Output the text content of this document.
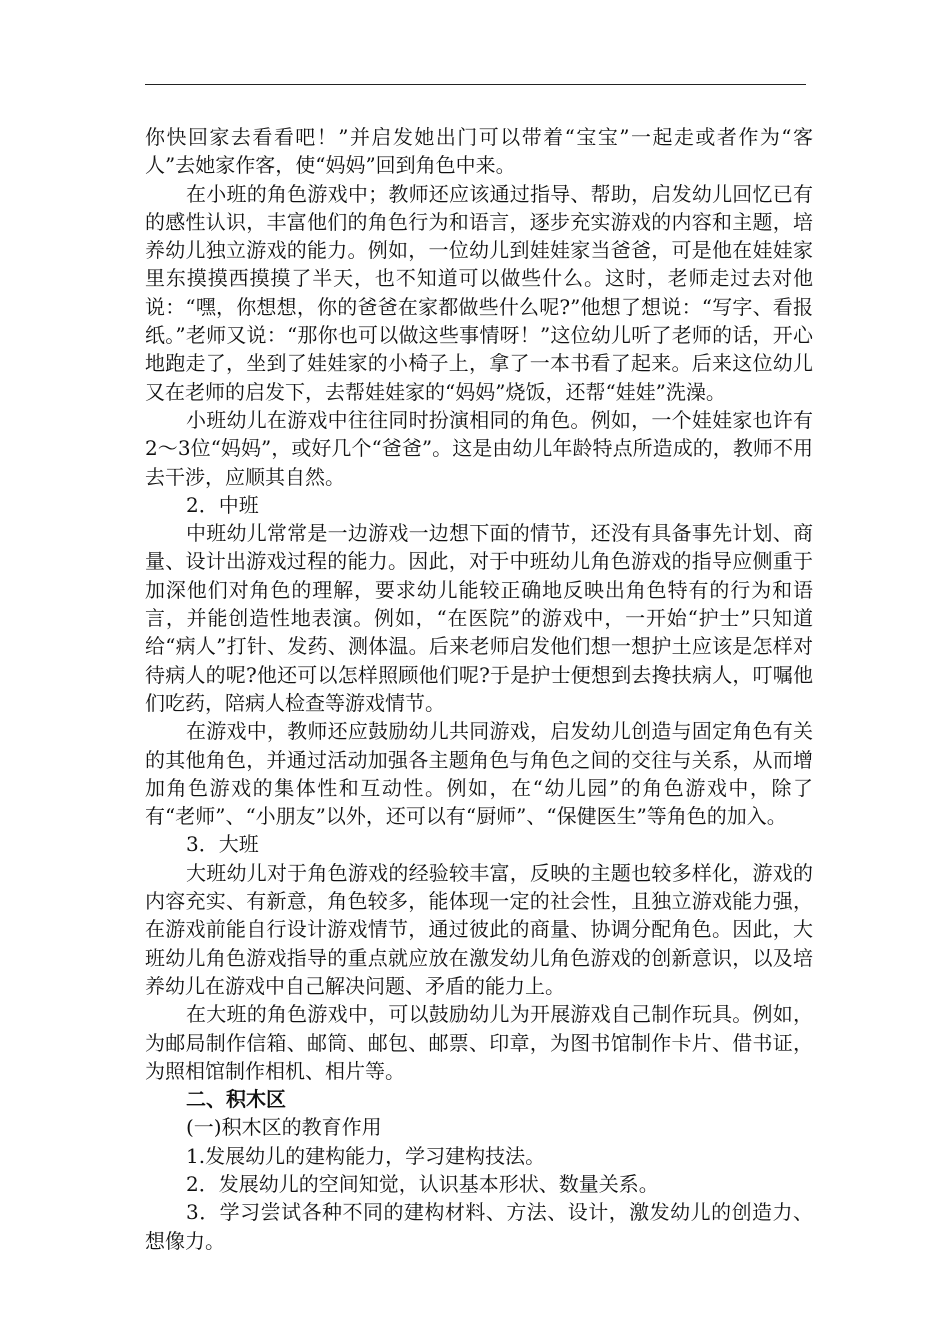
你快回家去看看吧！”并启发她出门可以带着“宝宝”一起走或者作为“客人”去她家作客，使“妈妈”回到角色中来。

在小班的角色游戏中；教师还应该通过指导、帮助，启发幼儿回忆已有的感性认识，丰富他们的角色行为和语言，逐步充实游戏的内容和主题，培养幼儿独立游戏的能力。例如，一位幼儿到娃娃家当爸爸，可是他在娃娃家里东摸摸西摸摸了半天，也不知道可以做些什么。这时，老师走过去对他说：“嘿，你想想，你的爸爸在家都做些什么呢?”他想了想说：“写字、看报纸。”老师又说：“那你也可以做这些事情呀！”这位幼儿听了老师的话，开心地跑走了，坐到了娃娃家的小椅子上，拿了一本书看了起来。后来这位幼儿又在老师的启发下，去帮娃娃家的“妈妈”烧饭，还帮“娃娃”洗澡。

小班幼儿在游戏中往往同时扮演相同的角色。例如，一个娃娃家也许有2～3位“妈妈”，或好几个“爸爸”。这是由幼儿年龄特点所造成的，教师不用去干涉，应顺其自然。

2．中班

中班幼儿常常是一边游戏一边想下面的情节，还没有具备事先计划、商量、设计出游戏过程的能力。因此，对于中班幼儿角色游戏的指导应侧重于加深他们对角色的理解，要求幼儿能较正确地反映出角色特有的行为和语言，并能创造性地表演。例如，“在医院”的游戏中，一开始“护士”只知道给“病人”打针、发药、测体温。后来老师启发他们想一想护土应该是怎样对待病人的呢?他还可以怎样照顾他们呢?于是护士便想到去搀扶病人，叮嘱他们吃药，陪病人检查等游戏情节。

在游戏中，教师还应鼓励幼儿共同游戏，启发幼儿创造与固定角色有关的其他角色，并通过活动加强各主题角色与角色之间的交往与关系，从而增加角色游戏的集体性和互动性。例如，在“幼儿园”的角色游戏中，除了有“老师”、“小朋友”以外，还可以有“厨师”、“保健医生”等角色的加入。

3．大班

大班幼儿对于角色游戏的经验较丰富，反映的主题也较多样化，游戏的内容充实、有新意，角色较多，能体现一定的社会性，且独立游戏能力强，在游戏前能自行设计游戏情节，通过彼此的商量、协调分配角色。因此，大班幼儿角色游戏指导的重点就应放在激发幼儿角色游戏的创新意识，以及培养幼儿在游戏中自己解决问题、矛盾的能力上。

在大班的角色游戏中，可以鼓励幼儿为开展游戏自己制作玩具。例如，为邮局制作信箱、邮筒、邮包、邮票、印章，为图书馆制作卡片、借书证，为照相馆制作相机、相片等。

二、积木区

(一)积木区的教育作用

1.发展幼儿的建构能力，学习建构技法。

2．发展幼儿的空间知觉，认识基本形状、数量关系。

3．学习尝试各种不同的建构材料、方法、设计，激发幼儿的创造力、想像力。
